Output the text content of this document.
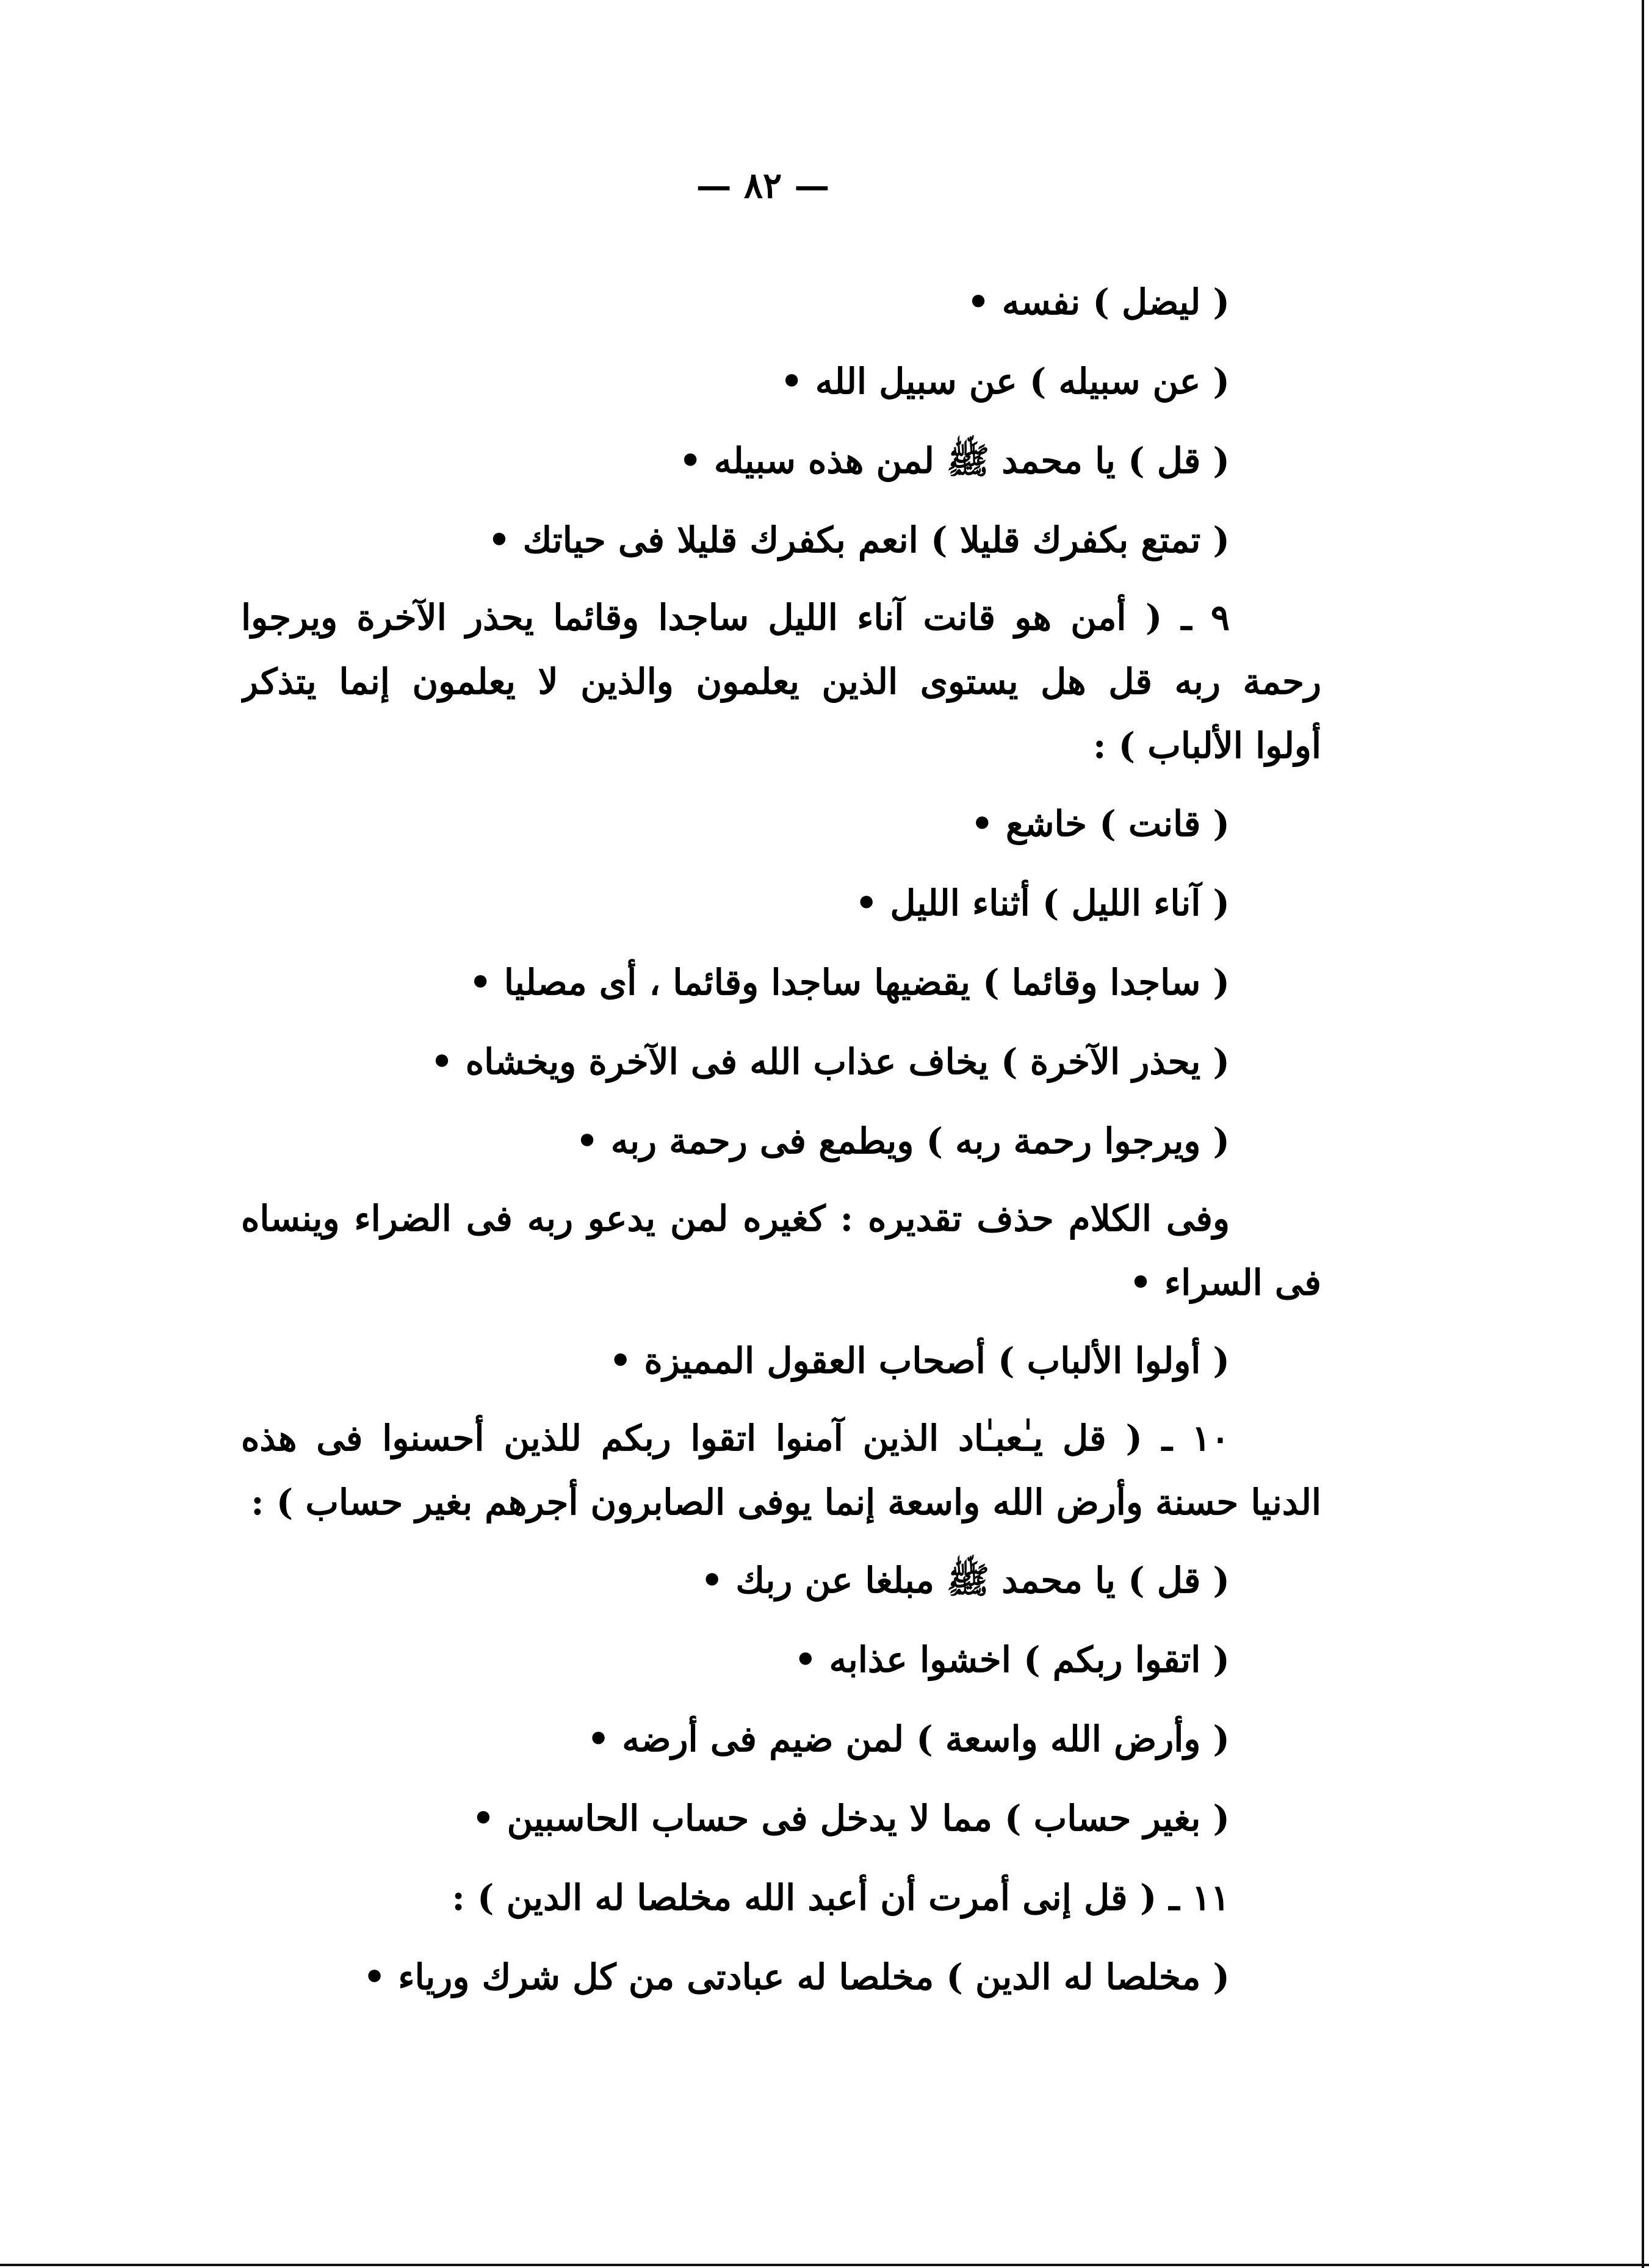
— ٨٢ —
( ليضل ) نفسه •
( عن سبيله ) عن سبيل الله •
( قل ) يا محمد ﷺ لمن هذه سبيله •
( تمتع بكفرك قليلا ) انعم بكفرك قليلا فى حياتك •
٩ ـ ( أمن هو قانت آناء الليل ساجدا وقائما يحذر الآخرة ويرجوا
رحمة ربه قل هل يستوى الذين يعلمون والذين لا يعلمون إنما يتذكر
أولوا الألباب ) :
( قانت ) خاشع •
( آناء الليل ) أثناء الليل •
( ساجدا وقائما ) يقضيها ساجدا وقائما ، أى مصليا •
( يحذر الآخرة ) يخاف عذاب الله فى الآخرة ويخشاه •
( ويرجوا رحمة ربه ) ويطمع فى رحمة ربه •
وفى الكلام حذف تقديره : كغيره لمن يدعو ربه فى الضراء وينساه
فى السراء •
( أولوا الألباب ) أصحاب العقول المميزة •
١٠ ـ ( قل يـٰعبـٰاد الذين آمنوا اتقوا ربكم للذين أحسنوا فى هذه
الدنيا حسنة وأرض الله واسعة إنما يوفى الصابرون أجرهم بغير حساب ) :
( قل ) يا محمد ﷺ مبلغا عن ربك •
( اتقوا ربكم ) اخشوا عذابه •
( وأرض الله واسعة ) لمن ضيم فى أرضه •
( بغير حساب ) مما لا يدخل فى حساب الحاسبين •
١١ ـ ( قل إنى أمرت أن أعبد الله مخلصا له الدين ) :
( مخلصا له الدين ) مخلصا له عبادتى من كل شرك ورياء •
